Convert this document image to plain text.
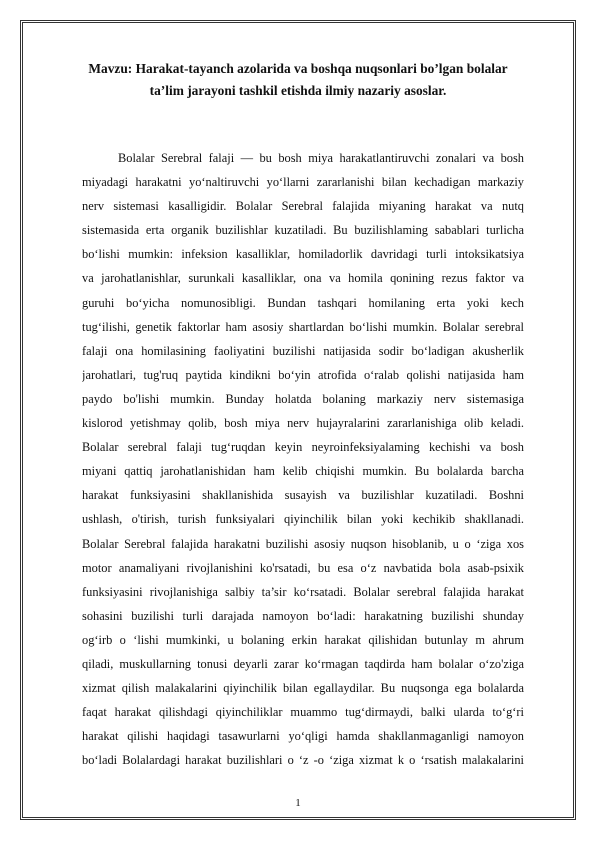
Mavzu: Harakat-tayanch azolarida va boshqa nuqsonlari bo’lgan bolalar
ta’lim jarayoni tashkil etishda ilmiy nazariy asoslar.
Bolalar Serebral falaji — bu bosh miya harakatlantiruvchi zonalari va bosh
miyadagi harakatni yo‘naltiruvchi yo‘llarni zararlanishi bilan kechadigan markaziy
nerv sistemasi kasalligidir. Bolalar Serebral falajida miyaning harakat va nutq
sistemasida erta organik buzilishlar kuzatiladi. Bu buzilishlaming sabablari turlicha
bo‘lishi mumkin: infeksion kasalliklar, homiladorlik davridagi turli intoksikatsiya
va jarohatlanishlar, surunkali kasalliklar, ona va homila qonining rezus faktor va
guruhi bo‘yicha nomunosibligi. Bundan tashqari homilaning erta yoki kech
tug‘ilishi, genetik faktorlar ham asosiy shartlardan bo‘lishi mumkin. Bolalar serebral
falaji ona homilasining faoliyatini buzilishi natijasida sodir bo‘ladigan akusherlik
jarohatlari, tug'ruq paytida kindikni bo‘yin atrofida o‘ralab qolishi natijasida ham
paydo bo'lishi mumkin. Bunday holatda bolaning markaziy nerv sistemasiga
kislorod yetishmay qolib, bosh miya nerv hujayralarini zararlanishiga olib keladi.
Bolalar serebral falaji tug‘ruqdan keyin neyroinfeksiyalaming kechishi va bosh
miyani qattiq jarohatlanishidan ham kelib chiqishi mumkin. Bu bolalarda barcha
harakat funksiyasini shakllanishida susayish va buzilishlar kuzatiladi. Boshni
ushlash, o'tirish, turish funksiyalari qiyinchilik bilan yoki kechikib shakllanadi.
Bolalar Serebral falajida harakatni buzilishi asosiy nuqson hisoblanib, u o ‘ziga xos
motor anamaliyani rivojlanishini ko'rsatadi, bu esa o‘z navbatida bola asab-psixik
funksiyasini rivojlanishiga salbiy ta’sir ko‘rsatadi. Bolalar serebral falajida harakat
sohasini buzilishi turli darajada namoyon bo‘ladi: harakatning buzilishi shunday
og‘irb o ‘lishi mumkinki, u bolaning erkin harakat qilishidan butunlay m ahrum
qiladi, muskullarning tonusi deyarli zarar ko‘rmagan taqdirda ham bolalar o‘zo'ziga
xizmat qilish malakalarini qiyinchilik bilan egallaydilar. Bu nuqsonga ega bolalarda
faqat harakat qilishdagi qiyinchiliklar muammo tug‘dirmaydi, balki ularda to‘g‘ri
harakat qilishi haqidagi tasawurlarni yo‘qligi hamda shakllanmaganligi namoyon
bo‘ladi Bolalardagi harakat buzilishlari o ‘z -o ‘ziga xizmat k o ‘rsatish malakalarini
1
